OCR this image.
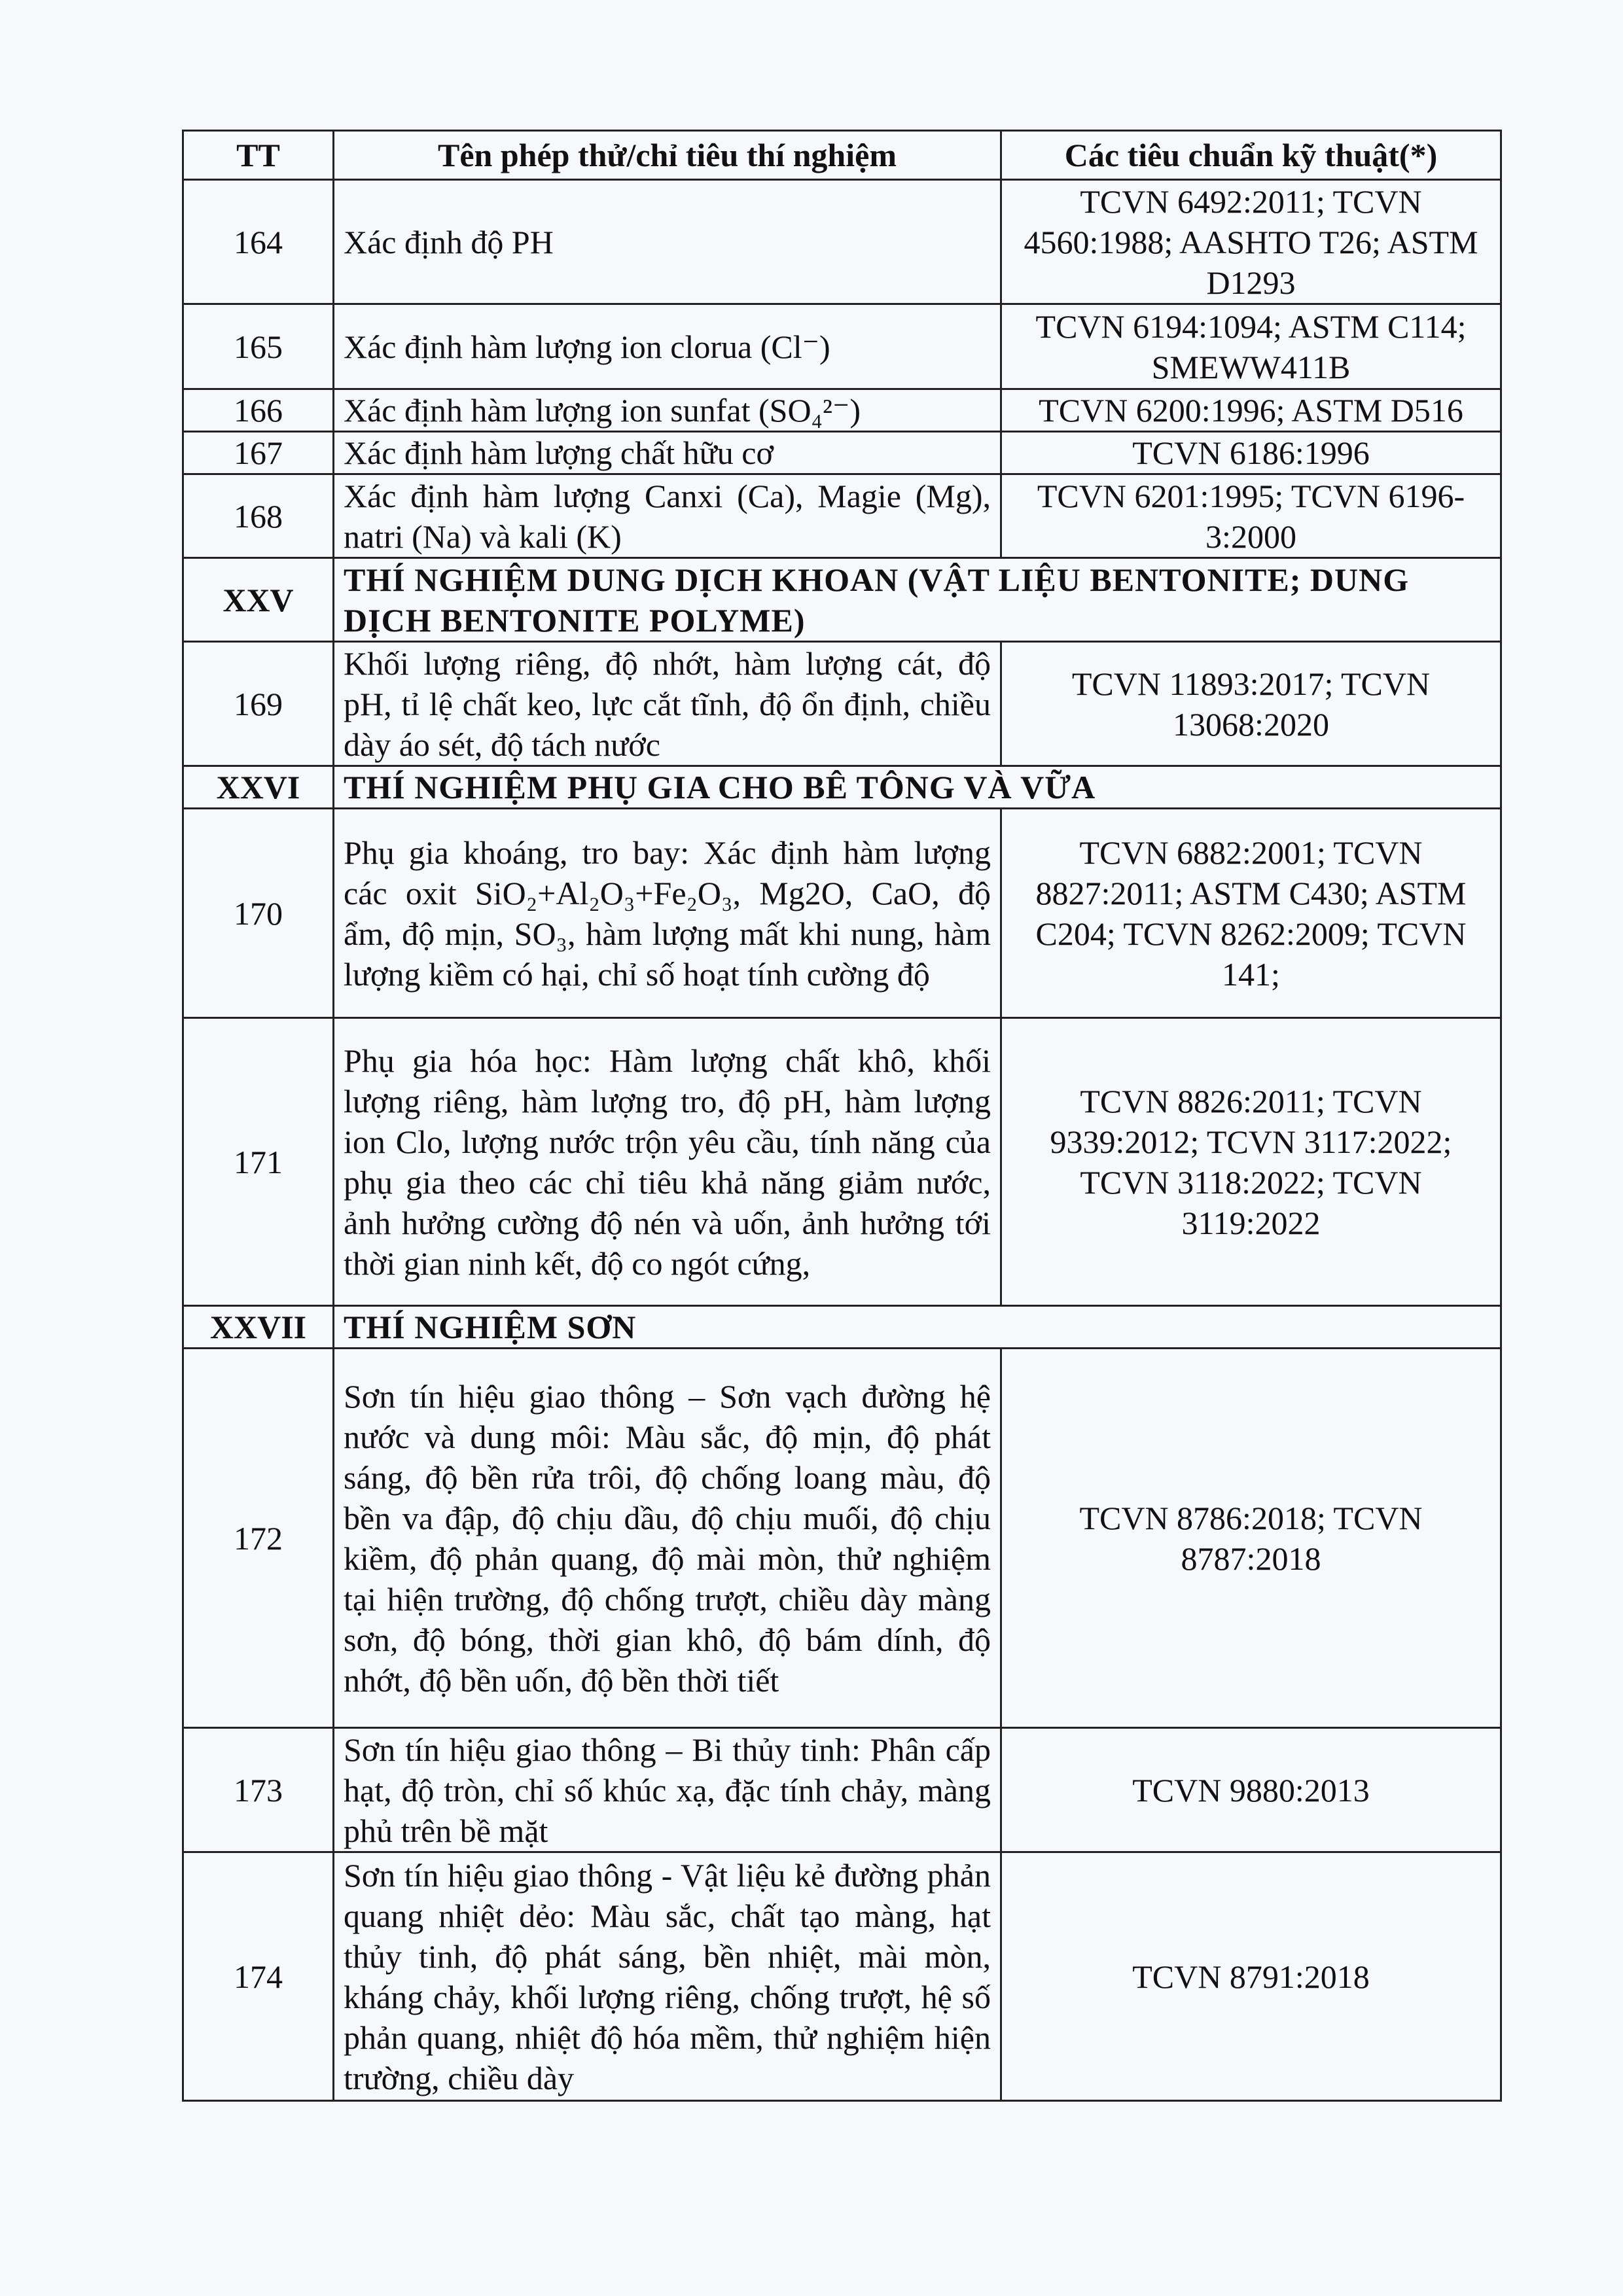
TT	Tên phép thử/chỉ tiêu thí nghiệm	Các tiêu chuẩn kỹ thuật(*)
164	Xác định độ PH	TCVN 6492:2011; TCVN 4560:1988; AASHTO T26; ASTM D1293
165	Xác định hàm lượng ion clorua (Cl⁻)	TCVN 6194:1094; ASTM C114; SMEWW411B
166	Xác định hàm lượng ion sunfat (SO₄²⁻)	TCVN 6200:1996; ASTM D516
167	Xác định hàm lượng chất hữu cơ	TCVN 6186:1996
168	Xác định hàm lượng Canxi (Ca), Magie (Mg), natri (Na) và kali (K)	TCVN 6201:1995; TCVN 6196-3:2000
XXV	THÍ NGHIỆM DUNG DỊCH KHOAN (VẬT LIỆU BENTONITE; DUNG DỊCH BENTONITE POLYME)	
169	Khối lượng riêng, độ nhớt, hàm lượng cát, độ pH, tỉ lệ chất keo, lực cắt tĩnh, độ ổn định, chiều dày áo sét, độ tách nước	TCVN 11893:2017; TCVN 13068:2020
XXVI	THÍ NGHIỆM PHỤ GIA CHO BÊ TÔNG VÀ VỮA	
170	Phụ gia khoáng, tro bay: Xác định hàm lượng các oxit SiO₂+Al₂O₃+Fe₂O₃, Mg2O, CaO, độ ẩm, độ mịn, SO₃, hàm lượng mất khi nung, hàm lượng kiềm có hại, chỉ số hoạt tính cường độ	TCVN 6882:2001; TCVN 8827:2011; ASTM C430; ASTM C204; TCVN 8262:2009; TCVN 141;
171	Phụ gia hóa học: Hàm lượng chất khô, khối lượng riêng, hàm lượng tro, độ pH, hàm lượng ion Clo, lượng nước trộn yêu cầu, tính năng của phụ gia theo các chỉ tiêu khả năng giảm nước, ảnh hưởng cường độ nén và uốn, ảnh hưởng tới thời gian ninh kết, độ co ngót cứng,	TCVN 8826:2011; TCVN 9339:2012; TCVN 3117:2022; TCVN 3118:2022; TCVN 3119:2022
XXVII	THÍ NGHIỆM SƠN	
172	Sơn tín hiệu giao thông – Sơn vạch đường hệ nước và dung môi: Màu sắc, độ mịn, độ phát sáng, độ bền rửa trôi, độ chống loang màu, độ bền va đập, độ chịu dầu, độ chịu muối, độ chịu kiềm, độ phản quang, độ mài mòn, thử nghiệm tại hiện trường, độ chống trượt, chiều dày màng sơn, độ bóng, thời gian khô, độ bám dính, độ nhớt, độ bền uốn, độ bền thời tiết	TCVN 8786:2018; TCVN 8787:2018
173	Sơn tín hiệu giao thông – Bi thủy tinh: Phân cấp hạt, độ tròn, chỉ số khúc xạ, đặc tính chảy, màng phủ trên bề mặt	TCVN 9880:2013
174	Sơn tín hiệu giao thông - Vật liệu kẻ đường phản quang nhiệt dẻo: Màu sắc, chất tạo màng, hạt thủy tinh, độ phát sáng, bền nhiệt, mài mòn, kháng chảy, khối lượng riêng, chống trượt, hệ số phản quang, nhiệt độ hóa mềm, thử nghiệm hiện trường, chiều dày	TCVN 8791:2018
